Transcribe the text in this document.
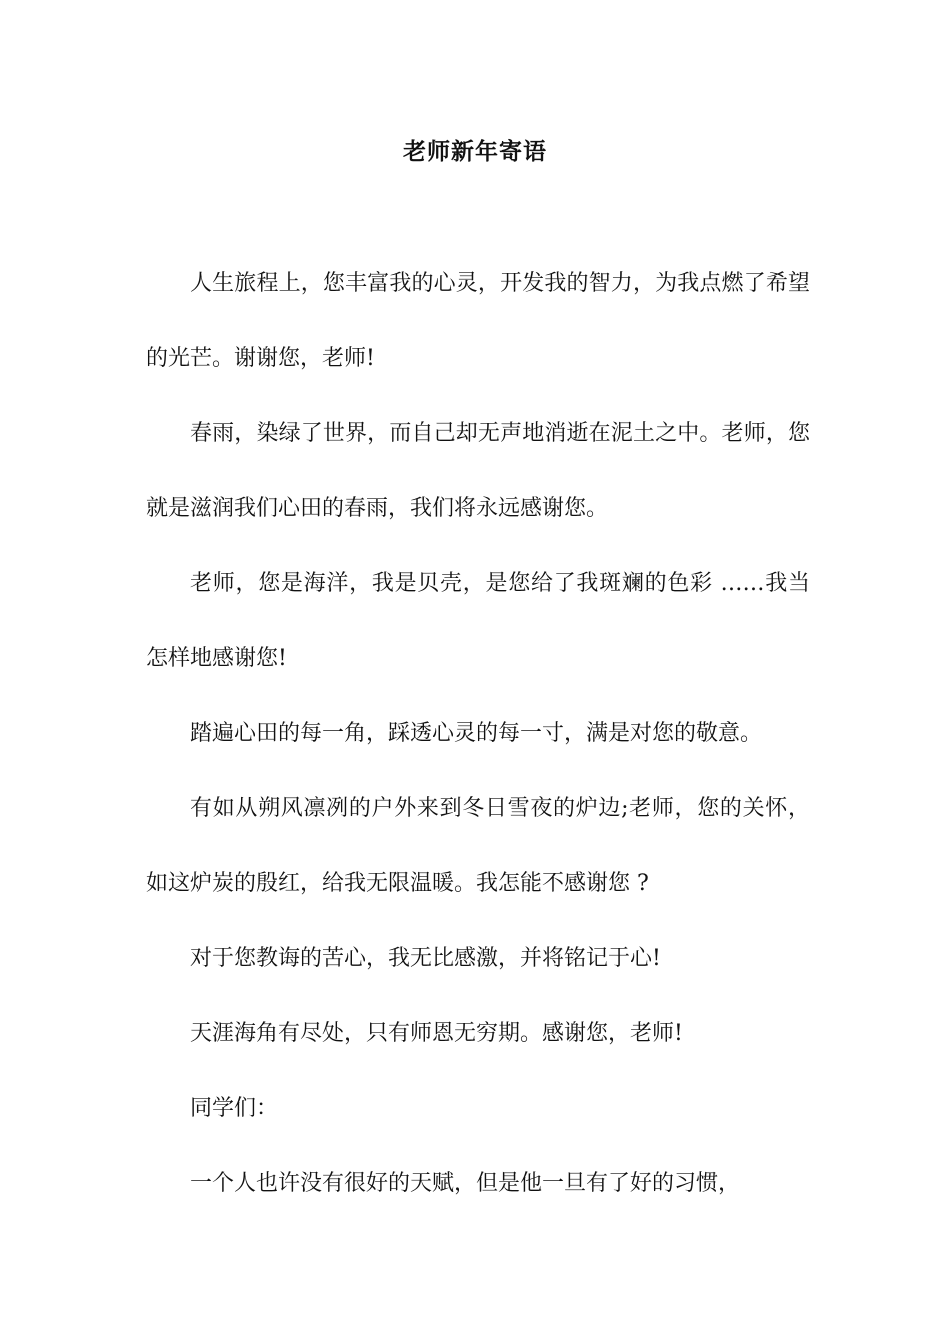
老师新年寄语

人生旅程上，您丰富我的心灵，开发我的智力，为我点燃了希望的光芒。谢谢您，老师!

春雨，染绿了世界，而自己却无声地消逝在泥土之中。老师，您就是滋润我们心田的春雨，我们将永远感谢您。

老师，您是海洋，我是贝壳，是您给了我斑斓的色彩 ……我当怎样地感谢您!

踏遍心田的每一角，踩透心灵的每一寸，满是对您的敬意。

有如从朔风凛冽的户外来到冬日雪夜的炉边;老师，您的关怀，如这炉炭的殷红，给我无限温暖。我怎能不感谢您 ?

对于您教诲的苦心，我无比感激，并将铭记于心!

天涯海角有尽处，只有师恩无穷期。感谢您，老师!

同学们：

一个人也许没有很好的天赋，但是他一旦有了好的习惯，
